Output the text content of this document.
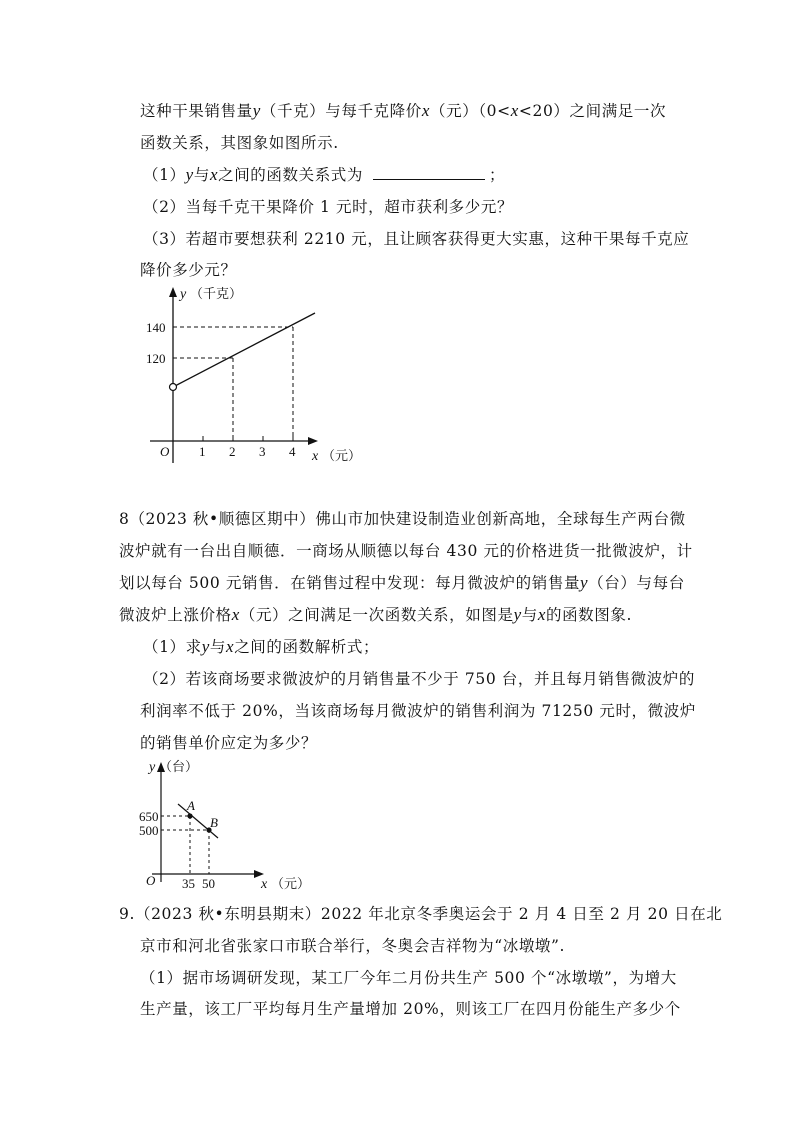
这种干果销售量y（千克）与每千克降价x（元）（0<x<20）之间满足一次
函数关系，其图象如图所示.
（1）y与x之间的函数关系式为	；
（2）当每千克干果降价 1 元时，超市获利多少元？
（3）若超市要想获利 2210 元，且让顾客获得更大实惠，这种干果每千克应
降价多少元？
y （千克）
120
140
O 1 2 3 4 x （元）
8（2023 秋•顺德区期中）佛山市加快建设制造业创新高地，全球每生产两台微
波炉就有一台出自顺德．一商场从顺德以每台 430 元的价格进货一批微波炉，计
划以每台 500 元销售．在销售过程中发现：每月微波炉的销售量y（台）与每台
微波炉上涨价格x（元）之间满足一次函数关系，如图是y与x的函数图象.
（1）求y与x之间的函数解析式；
（2）若该商场要求微波炉的月销售量不少于 750 台，并且每月销售微波炉的
利润率不低于 20%，当该商场每月微波炉的销售利润为 71250 元时，微波炉
的销售单价应定为多少？
A
B
y （台）
650
500
O 35 50	x （元）
9.（2023 秋•东明县期末）2022 年北京冬季奥运会于 2 月 4 日至 2 月 20 日在北
京市和河北省张家口市联合举行，冬奥会吉祥物为“冰墩墩”.
（1）据市场调研发现，某工厂今年二月份共生产 500 个“冰墩墩”，为增大
生产量，该工厂平均每月生产量增加 20%，则该工厂在四月份能生产多少个
